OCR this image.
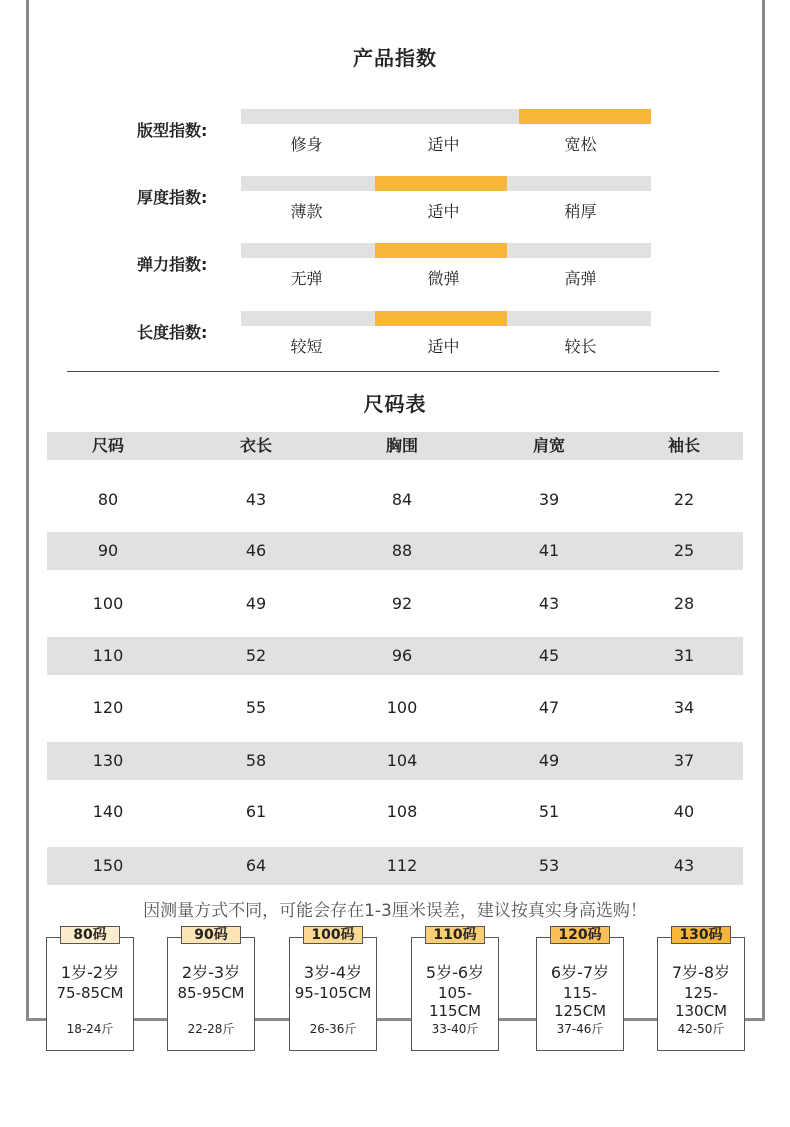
产品指数
版型指数:
修身	适中	宽松
厚度指数:
薄款	适中	稍厚
弹力指数:
无弹	微弹	高弹
长度指数:
较短	适中	较长
尺码表
尺码	衣长	胸围	肩宽	袖长
80	43	84	39	22
90	46	88	41	25
100	49	92	43	28
110	52	96	45	31
120	55	100	47	34
130	58	104	49	37
140	61	108	51	40
150	64	112	53	43
因测量方式不同，可能会存在1-3厘米误差，建议按真实身高选购！
1岁-2岁
75-85CM
18-24斤
80码
2岁-3岁
85-95CM
22-28斤
90码
3岁-4岁
95-105CM
26-36斤
100码
5岁-6岁
105-115CM
33-40斤
110码
6岁-7岁
115-125CM
37-46斤
120码
7岁-8岁
125-130CM
42-50斤
130码
